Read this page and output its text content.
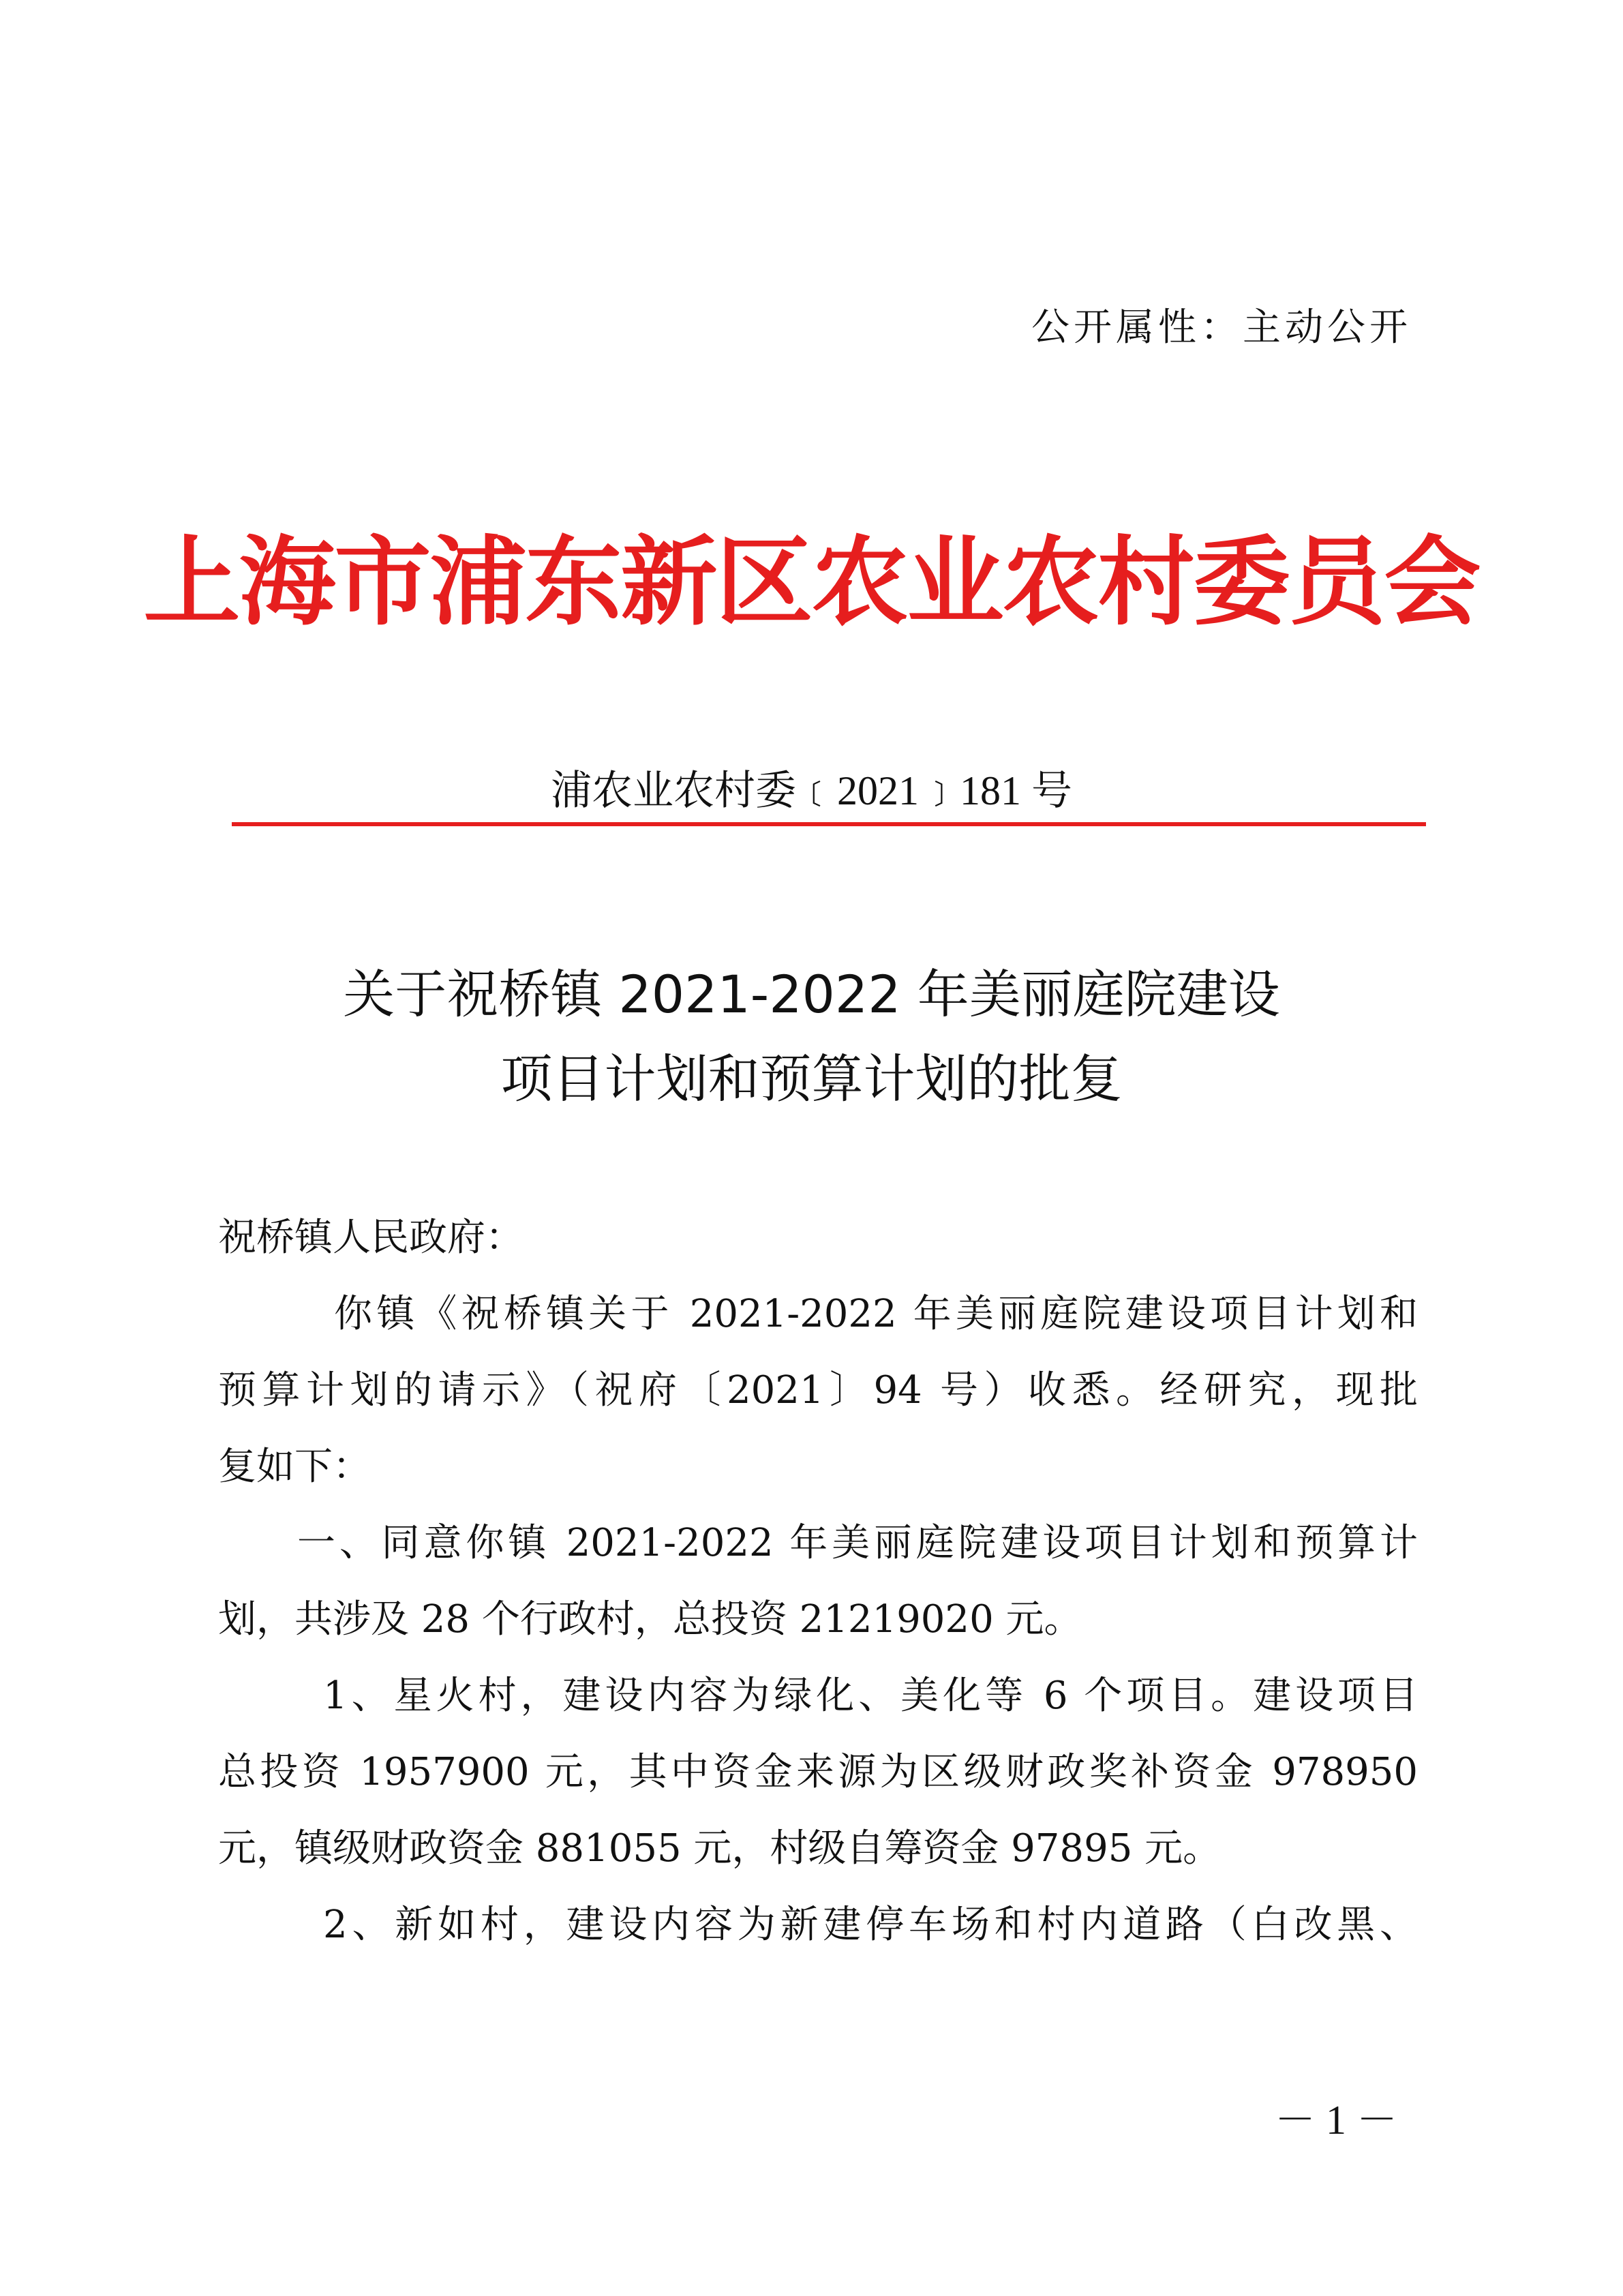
公开属性：主动公开
上海市浦东新区农业农村委员会
浦农业农村委﹝2021﹞181 号
关于祝桥镇 2021-2022 年美丽庭院建设
项目计划和预算计划的批复
祝桥镇人民政府：
你镇《祝桥镇关于 2021-2022 年美丽庭院建设项目计划和
预算计划的请示》（祝府〔2021〕94 号）收悉。经研究，现批
复如下：
一、同意你镇 2021-2022 年美丽庭院建设项目计划和预算计
划，共涉及 28 个行政村，总投资 21219020 元。
1、星火村，建设内容为绿化、美化等 6 个项目。建设项目
总投资 1957900 元，其中资金来源为区级财政奖补资金 978950
元，镇级财政资金 881055 元，村级自筹资金 97895 元。
2、新如村，建设内容为新建停车场和村内道路（白改黑、
－ 1 －
